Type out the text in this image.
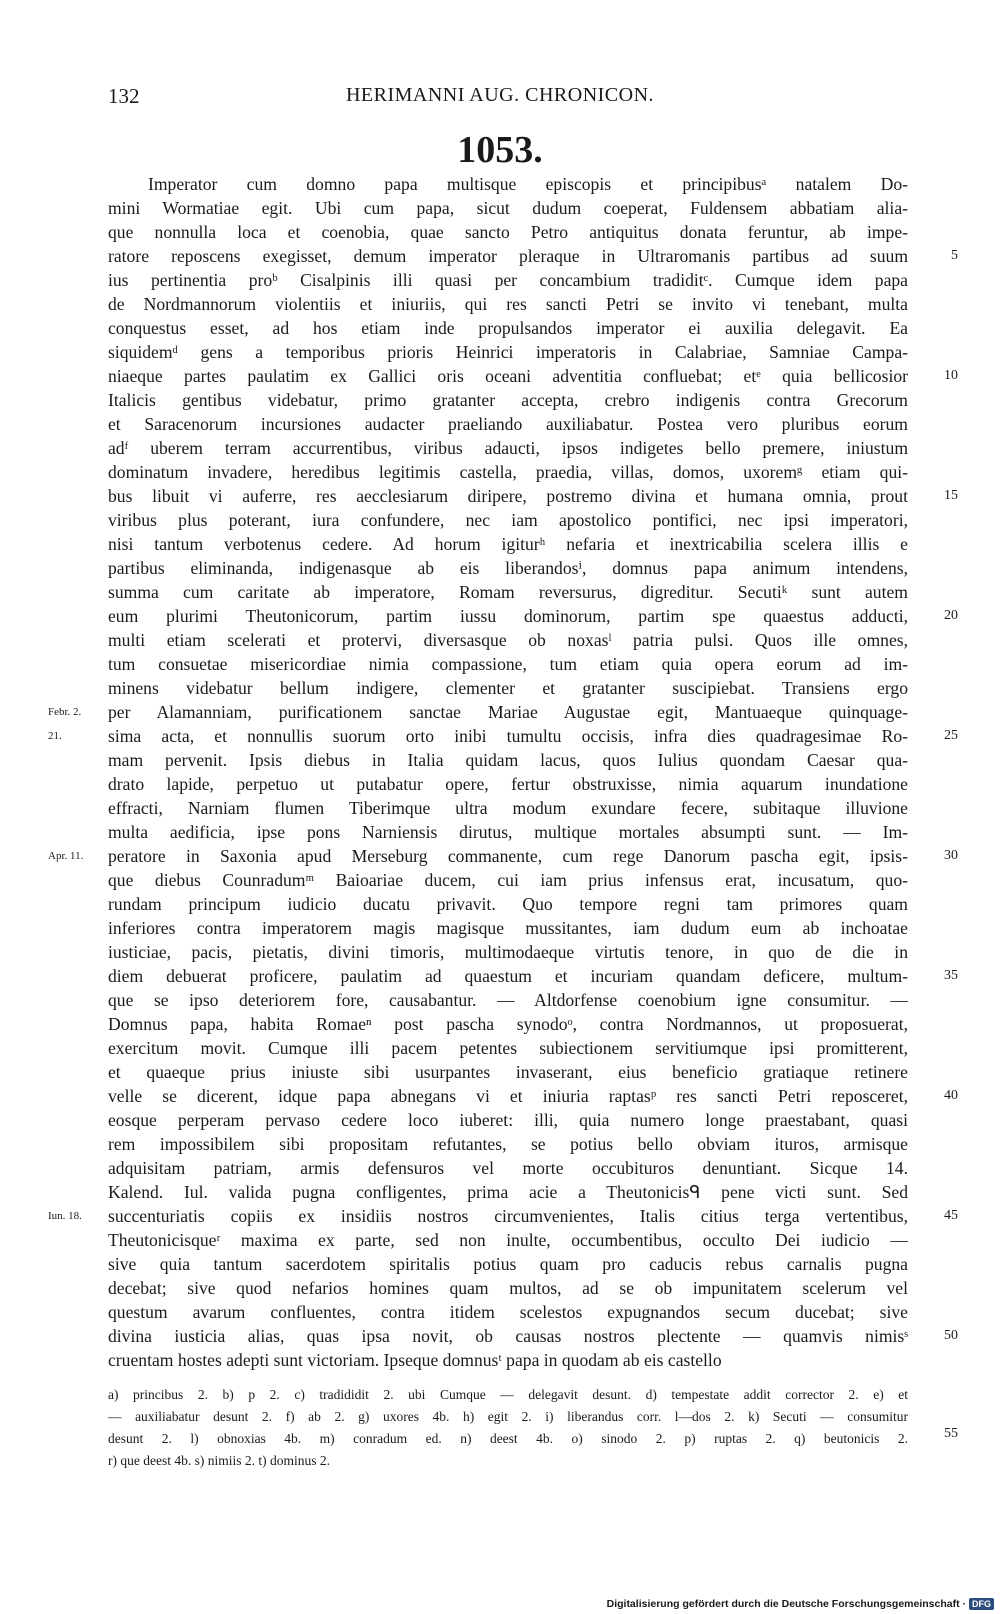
132	HERIMANNI AUG. CHRONICON.
1053.
Imperator cum domno papa multisque episcopis et principibusᵃ natalem Do-
mini Wormatiae egit. Ubi cum papa, sicut dudum coeperat, Fuldensem abbatiam alia-
que nonnulla loca et coenobia, quae sancto Petro antiquitus donata feruntur, ab impe-
ratore reposcens exegisset, demum imperator pleraque in Ultraromanis partibus ad suum
ius pertinentia proᵇ Cisalpinis illi quasi per concambium tradiditᶜ. Cumque idem papa
de Nordmannorum violentiis et iniuriis, qui res sancti Petri se invito vi tenebant, multa
conquestus esset, ad hos etiam inde propulsandos imperator ei auxilia delegavit. Ea
siquidemᵈ gens a temporibus prioris Heinrici imperatoris in Calabriae, Samniae Campa-
niaeque partes paulatim ex Gallici oris oceani adventitia confluebat; etᵉ quia bellicosior
Italicis gentibus videbatur, primo gratanter accepta, crebro indigenis contra Grecorum
et Saracenorum incursiones audacter praeliando auxiliabatur. Postea vero pluribus eorum
adᶠ uberem terram accurrentibus, viribus adaucti, ipsos indigetes bello premere, iniustum
dominatum invadere, heredibus legitimis castella, praedia, villas, domos, uxoremᵍ etiam qui-
bus libuit vi auferre, res aecclesiarum diripere, postremo divina et humana omnia, prout
viribus plus poterant, iura confundere, nec iam apostolico pontifici, nec ipsi imperatori,
nisi tantum verbotenus cedere. Ad horum igiturʰ nefaria et inextricabilia scelera illis e
partibus eliminanda, indigenasque ab eis liberandosⁱ, domnus papa animum intendens,
summa cum caritate ab imperatore, Romam reversurus, digreditur. Secutiᵏ sunt autem
eum plurimi Theutonicorum, partim iussu dominorum, partim spe quaestus adducti,
multi etiam scelerati et protervi, diversasque ob noxasˡ patria pulsi. Quos ille omnes,
tum consuetae misericordiae nimia compassione, tum etiam quia opera eorum ad im-
minens videbatur bellum indigere, clementer et gratanter suscipiebat. Transiens ergo
per Alamanniam, purificationem sanctae Mariae Augustae egit, Mantuaeque quinquage-
sima acta, et nonnullis suorum orto inibi tumultu occisis, infra dies quadragesimae Ro-
mam pervenit. Ipsis diebus in Italia quidam lacus, quos Iulius quondam Caesar qua-
drato lapide, perpetuo ut putabatur opere, fertur obstruxisse, nimia aquarum inundatione
effracti, Narniam flumen Tiberimque ultra modum exundare fecere, subitaque illuvione
multa aedificia, ipse pons Narniensis dirutus, multique mortales absumpti sunt. — Im-
peratore in Saxonia apud Merseburg commanente, cum rege Danorum pascha egit, ipsis-
que diebus Counradumᵐ Baioariae ducem, cui iam prius infensus erat, incusatum, quo-
rundam principum iudicio ducatu privavit. Quo tempore regni tam primores quam
inferiores contra imperatorem magis magisque mussitantes, iam dudum eum ab inchoatae
iusticiae, pacis, pietatis, divini timoris, multimodaeque virtutis tenore, in quo de die in
diem debuerat proficere, paulatim ad quaestum et incuriam quandam deficere, multum-
que se ipso deteriorem fore, causabantur. — Altdorfense coenobium igne consumitur. —
Domnus papa, habita Romaeⁿ post pascha synodoᵒ, contra Nordmannos, ut proposuerat,
exercitum movit. Cumque illi pacem petentes subiectionem servitiumque ipsi promitterent,
et quaeque prius iniuste sibi usurpantes invaserant, eius beneficio gratiaque retinere
velle se dicerent, idque papa abnegans vi et iniuria raptasᵖ res sancti Petri reposceret,
eosque perperam pervaso cedere loco iuberet: illi, quia numero longe praestabant, quasi
rem impossibilem sibi propositam refutantes, se potius bello obviam ituros, armisque
adquisitam patriam, armis defensuros vel morte occubituros denuntiant. Sicque 14.
Kalend. Iul. valida pugna confligentes, prima acie a Theutonicisᑫ pene victi sunt. Sed
succenturiatis copiis ex insidiis nostros circumvenientes, Italis citius terga vertentibus,
Theutonicisqueʳ maxima ex parte, sed non inulte, occumbentibus, occulto Dei iudicio —
sive quia tantum sacerdotem spiritalis potius quam pro caducis rebus carnalis pugna
decebat; sive quod nefarios homines quam multos, ad se ob impunitatem scelerum vel
questum avarum confluentes, contra itidem scelestos expugnandos secum ducebat; sive
divina iusticia alias, quas ipsa novit, ob causas nostros plectente — quamvis nimisˢ
cruentam hostes adepti sunt victoriam. Ipseque domnusᵗ papa in quodam ab eis castello
5
10
15
20
25
30
35
40
45
50
Febr. 2.
21.
Apr. 11.
Iun. 18.
a) princibus 2. b) p 2. c) tradididit 2. ubi Cumque — delegavit desunt. d) tempestate addit corrector 2. e) et
— auxiliabatur desunt 2. f) ab 2. g) uxores 4b. h) egit 2. i) liberandus corr. l—dos 2. k) Secuti — consumitur
desunt 2. l) obnoxias 4b. m) conradum ed. n) deest 4b. o) sinodo 2. p) ruptas 2. q) beutonicis 2.
r) que deest 4b. s) nimiis 2. t) dominus 2.
55
Digitalisierung gefördert durch die Deutsche Forschungsgemeinschaft · DFG
